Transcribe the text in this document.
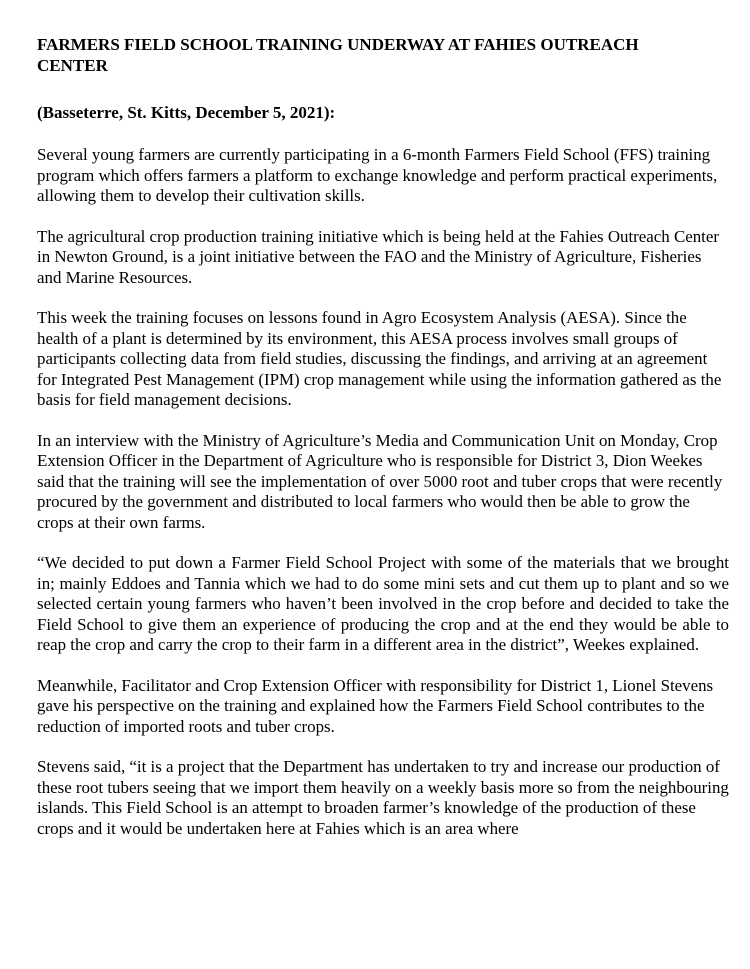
FARMERS FIELD SCHOOL TRAINING UNDERWAY AT FAHIES OUTREACH CENTER
(Basseterre, St. Kitts, December 5, 2021):

Several young farmers are currently participating in a 6-month Farmers Field School (FFS) training program which offers farmers a platform to exchange knowledge and perform practical experiments, allowing them to develop their cultivation skills.

The agricultural crop production training initiative which is being held at the Fahies Outreach Center in Newton Ground, is a joint initiative between the FAO and the Ministry of Agriculture, Fisheries and Marine Resources.

This week the training focuses on lessons found in Agro Ecosystem Analysis (AESA). Since the health of a plant is determined by its environment, this AESA process involves small groups of participants collecting data from field studies, discussing the findings, and arriving at an agreement for Integrated Pest Management (IPM) crop management while using the information gathered as the basis for field management decisions.

In an interview with the Ministry of Agriculture’s Media and Communication Unit on Monday, Crop Extension Officer in the Department of Agriculture who is responsible for District 3, Dion Weekes said that the training will see the implementation of over 5000 root and tuber crops that were recently procured by the government and distributed to local farmers who would then be able to grow the crops at their own farms.

“We decided to put down a Farmer Field School Project with some of the materials that we brought in; mainly Eddoes and Tannia which we had to do some mini sets and cut them up to plant and so we selected certain young farmers who haven’t been involved in the crop before and decided to take the Field School to give them an experience of producing the crop and at the end they would be able to reap the crop and carry the crop to their farm in a different area in the district”, Weekes explained.

Meanwhile, Facilitator and Crop Extension Officer with responsibility for District 1, Lionel Stevens gave his perspective on the training and explained how the Farmers Field School contributes to the reduction of imported roots and tuber crops.

Stevens said, “it is a project that the Department has undertaken to try and increase our production of these root tubers seeing that we import them heavily on a weekly basis more so from the neighbouring islands. This Field School is an attempt to broaden farmer’s knowledge of the production of these crops and it would be undertaken here at Fahies which is an area where
